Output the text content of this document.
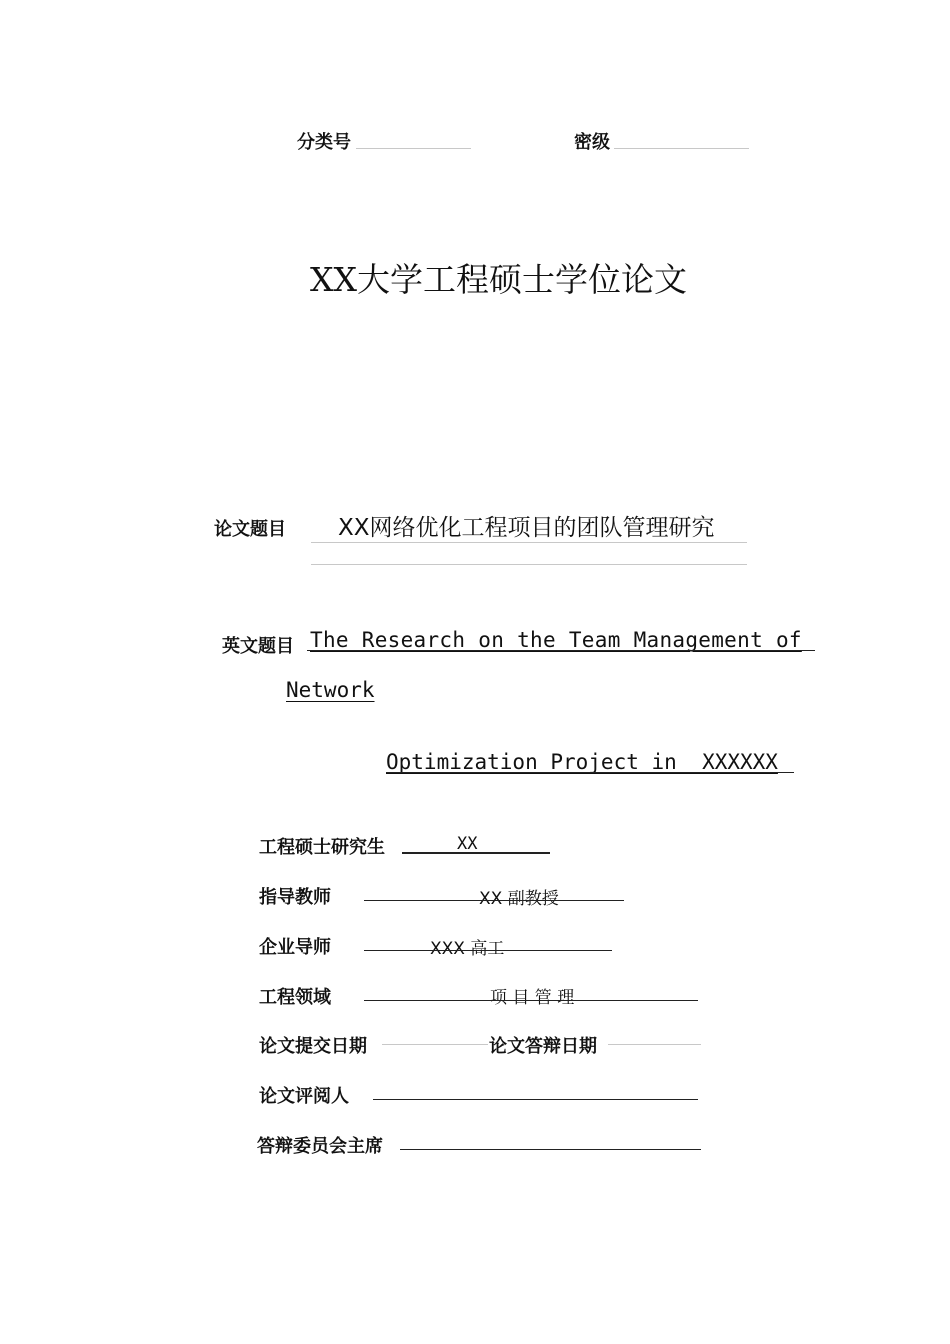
分类号	密级
XX大学工程硕士学位论文
论文题目 XX网络优化工程项目的团队管理研究
英文题目 The Research on the Team Management of
Network
Optimization Project in  XXXXXX
工程硕士研究生	XX
指导教师	XX 副教授
企业导师	XXX 高工
工程领域	项 目 管 理
论文提交日期	论文答辩日期
论文评阅人
答辩委员会主席
